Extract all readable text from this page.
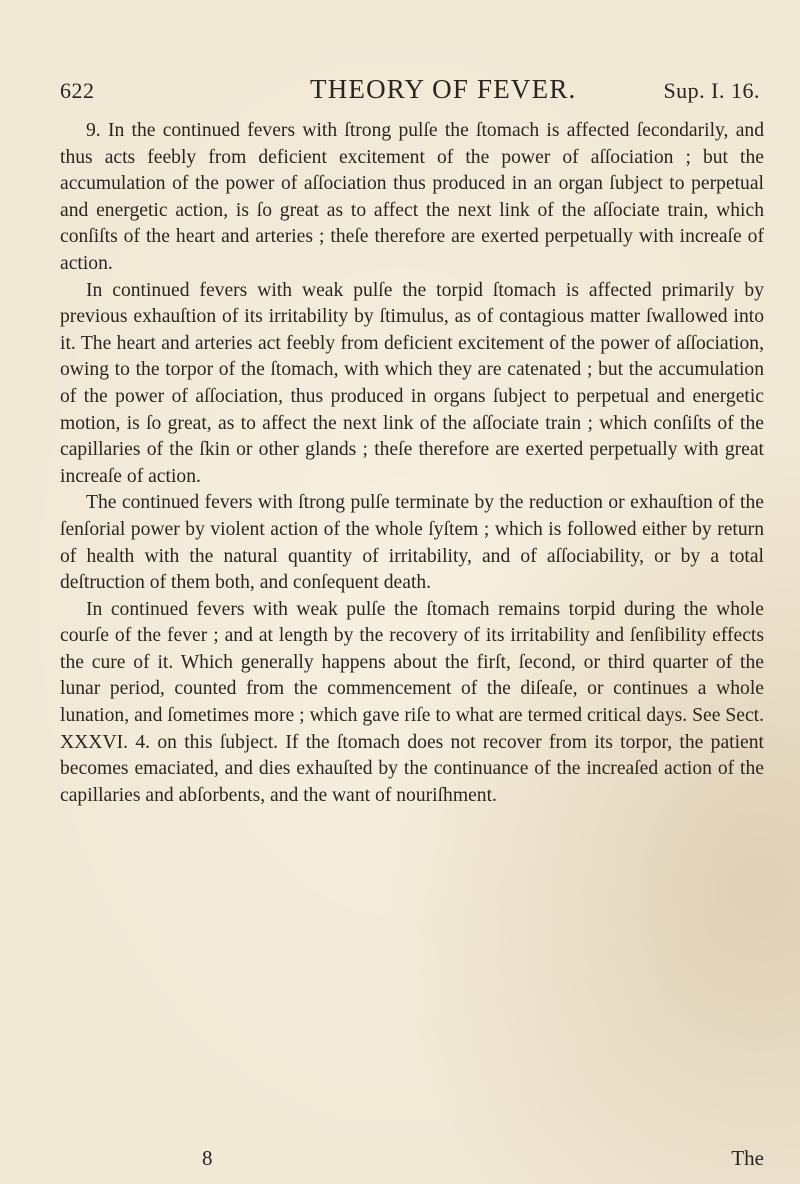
622	THEORY OF FEVER.	Sup. I. 16.

9. In the continued fevers with ſtrong pulſe the ſtomach is affected ſecondarily, and thus acts feebly from deficient excitement of the power of aſſociation ; but the accumulation of the power of aſſociation thus produced in an organ ſubject to perpetual and energetic action, is ſo great as to affect the next link of the aſſociate train, which conſiſts of the heart and arteries ; theſe therefore are exerted perpetually with increaſe of action.

In continued fevers with weak pulſe the torpid ſtomach is affected primarily by previous exhauſtion of its irritability by ſtimulus, as of contagious matter ſwallowed into it. The heart and arteries act feebly from deficient excitement of the power of aſſociation, owing to the torpor of the ſtomach, with which they are catenated ; but the accumulation of the power of aſſociation, thus produced in organs ſubject to perpetual and energetic motion, is ſo great, as to affect the next link of the aſſociate train ; which conſiſts of the capillaries of the ſkin or other glands ; theſe therefore are exerted perpetually with great increaſe of action.

The continued fevers with ſtrong pulſe terminate by the reduction or exhauſtion of the ſenſorial power by violent action of the whole ſyſtem ; which is followed either by return of health with the natural quantity of irritability, and of aſſociability, or by a total deſtruction of them both, and conſequent death.

In continued fevers with weak pulſe the ſtomach remains torpid during the whole courſe of the fever ; and at length by the recovery of its irritability and ſenſibility effects the cure of it. Which generally happens about the firſt, ſecond, or third quarter of the lunar period, counted from the commencement of the diſeaſe, or continues a whole lunation, and ſometimes more ; which gave riſe to what are termed critical days. See Sect. XXXVI. 4. on this ſubject. If the ſtomach does not recover from its torpor, the patient becomes emaciated, and dies exhauſted by the continuance of the increaſed action of the capillaries and abſorbents, and the want of nouriſhment.

8	The
